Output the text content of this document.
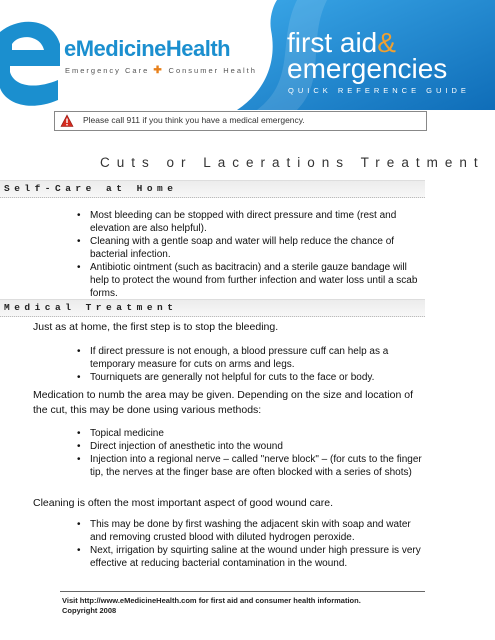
eMedicineHealth
Emergency Care ✚ Consumer Health
first aid&
emergencies
QUICK REFERENCE GUIDE
Please call 911 if you think you have a medical emergency.
Cuts or Lacerations Treatment
Self-Care at Home
• Most bleeding can be stopped with direct pressure and time (rest and elevation are also helpful).
• Cleaning with a gentle soap and water will help reduce the chance of bacterial infection.
• Antibiotic ointment (such as bacitracin) and a sterile gauze bandage will help to protect the wound from further infection and water loss until a scab forms.
Medical Treatment

Just as at home, the first step is to stop the bleeding.

• If direct pressure is not enough, a blood pressure cuff can help as a temporary measure for cuts on arms and legs.
• Tourniquets are generally not helpful for cuts to the face or body.

Medication to numb the area may be given. Depending on the size and location of the cut, this may be done using various methods:

• Topical medicine
• Direct injection of anesthetic into the wound
• Injection into a regional nerve – called "nerve block" – (for cuts to the finger tip, the nerves at the finger base are often blocked with a series of shots)

Cleaning is often the most important aspect of good wound care.

• This may be done by first washing the adjacent skin with soap and water and removing crusted blood with diluted hydrogen peroxide.
• Next, irrigation by squirting saline at the wound under high pressure is very effective at reducing bacterial contamination in the wound.
Visit http://www.eMedicineHealth.com for first aid and consumer health information.
Copyright 2008
